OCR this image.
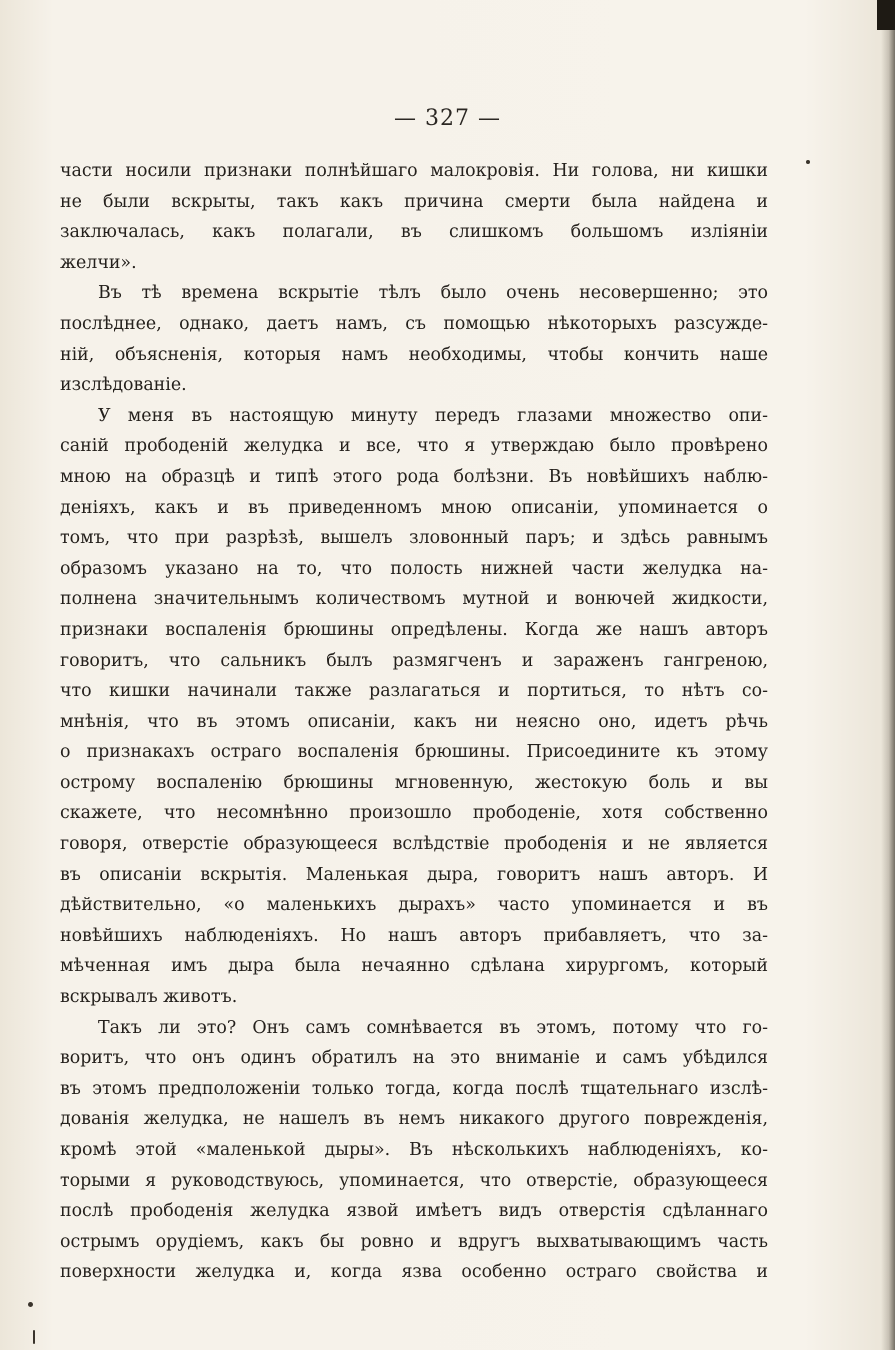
— 327 —
части носили признаки полнѣйшаго малокровія. Ни голова, ни кишки
не были вскрыты, такъ какъ причина смерти была найдена и
заключалась, какъ полагали, въ слишкомъ большомъ изліяніи
желчи».
Въ тѣ времена вскрытіе тѣлъ было очень несовершенно; это
послѣднее, однако, даетъ намъ, съ помощью нѣкоторыхъ разсужде-
ній, объясненія, которыя намъ необходимы, чтобы кончить наше
изслѣдованіе.
У меня въ настоящую минуту передъ глазами множество опи-
саній прободеній желудка и все, что я утверждаю было провѣрено
мною на образцѣ и типѣ этого рода болѣзни. Въ новѣйшихъ наблю-
деніяхъ, какъ и въ приведенномъ мною описаніи, упоминается о
томъ, что при разрѣзѣ, вышелъ зловонный паръ; и здѣсь равнымъ
образомъ указано на то, что полость нижней части желудка на-
полнена значительнымъ количествомъ мутной и вонючей жидкости,
признаки воспаленія брюшины опредѣлены. Когда же нашъ авторъ
говоритъ, что сальникъ былъ размягченъ и зараженъ гангреною,
что кишки начинали также разлагаться и портиться, то нѣтъ со-
мнѣнія, что въ этомъ описаніи, какъ ни неясно оно, идетъ рѣчь
о признакахъ остраго воспаленія брюшины. Присоедините къ этому
острому воспаленію брюшины мгновенную, жестокую боль и вы
скажете, что несомнѣнно произошло прободеніе, хотя собственно
говоря, отверстіе образующееся вслѣдствіе прободенія и не является
въ описаніи вскрытія. Маленькая дыра, говоритъ нашъ авторъ. И
дѣйствительно, «о маленькихъ дырахъ» часто упоминается и въ
новѣйшихъ наблюденіяхъ. Но нашъ авторъ прибавляетъ, что за-
мѣченная имъ дыра была нечаянно сдѣлана хирургомъ, который
вскрывалъ животъ.
Такъ ли это? Онъ самъ сомнѣвается въ этомъ, потому что го-
воритъ, что онъ одинъ обратилъ на это вниманіе и самъ убѣдился
въ этомъ предположеніи только тогда, когда послѣ тщательнаго изслѣ-
дованія желудка, не нашелъ въ немъ никакого другого поврежденія,
кромѣ этой «маленькой дыры». Въ нѣсколькихъ наблюденіяхъ, ко-
торыми я руководствуюсь, упоминается, что отверстіе, образующееся
послѣ прободенія желудка язвой имѣетъ видъ отверстія сдѣланнаго
острымъ орудіемъ, какъ бы ровно и вдругъ выхватывающимъ часть
поверхности желудка и, когда язва особенно остраго свойства и
